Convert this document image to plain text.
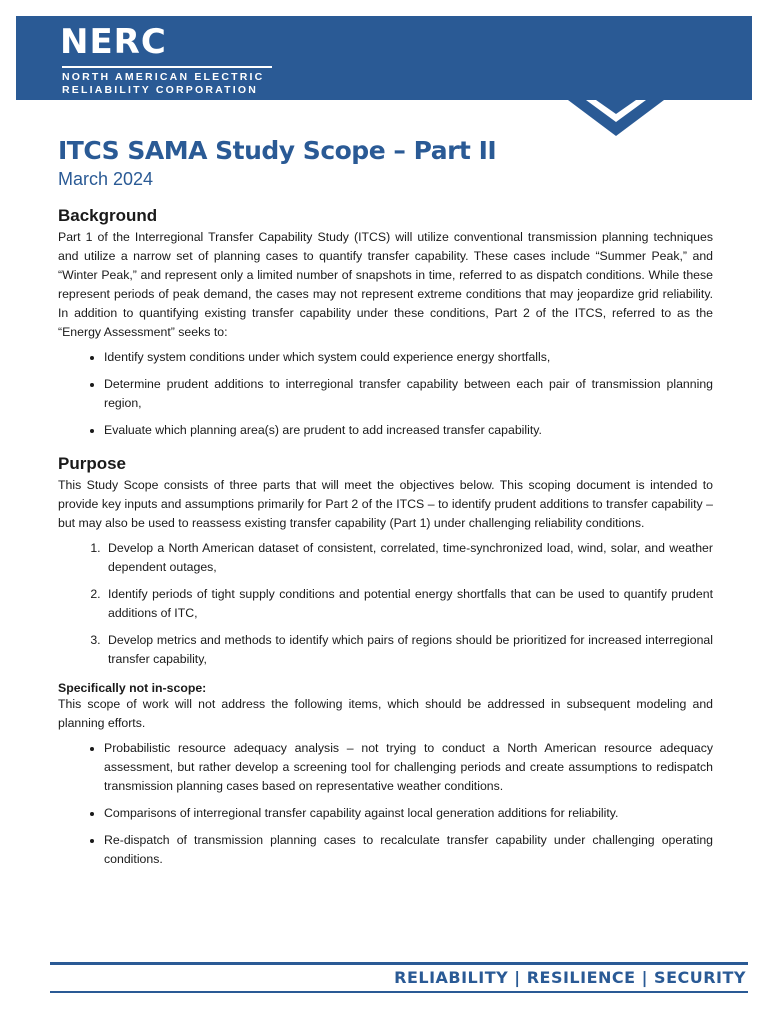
NERC
NORTH AMERICAN ELECTRIC
RELIABILITY CORPORATION
ITCS SAMA Study Scope – Part II
March 2024
Background

Part 1 of the Interregional Transfer Capability Study (ITCS) will utilize conventional transmission planning techniques and utilize a narrow set of planning cases to quantify transfer capability. These cases include “Summer Peak,” and “Winter Peak,” and represent only a limited number of snapshots in time, referred to as dispatch conditions. While these represent periods of peak demand, the cases may not represent extreme conditions that may jeopardize grid reliability. In addition to quantifying existing transfer capability under these conditions, Part 2 of the ITCS, referred to as the “Energy Assessment” seeks to:

• Identify system conditions under which system could experience energy shortfalls,
• Determine prudent additions to interregional transfer capability between each pair of transmission planning region,
• Evaluate which planning area(s) are prudent to add increased transfer capability.
Purpose

This Study Scope consists of three parts that will meet the objectives below. This scoping document is intended to provide key inputs and assumptions primarily for Part 2 of the ITCS – to identify prudent additions to transfer capability – but may also be used to reassess existing transfer capability (Part 1) under challenging reliability conditions.

1. Develop a North American dataset of consistent, correlated, time-synchronized load, wind, solar, and weather dependent outages,
2. Identify periods of tight supply conditions and potential energy shortfalls that can be used to quantify prudent additions of ITC,
3. Develop metrics and methods to identify which pairs of regions should be prioritized for increased interregional transfer capability,
Specifically not in-scope:

This scope of work will not address the following items, which should be addressed in subsequent modeling and planning efforts.

• Probabilistic resource adequacy analysis – not trying to conduct a North American resource adequacy assessment, but rather develop a screening tool for challenging periods and create assumptions to redispatch transmission planning cases based on representative weather conditions.
• Comparisons of interregional transfer capability against local generation additions for reliability.
• Re-dispatch of transmission planning cases to recalculate transfer capability under challenging operating conditions.
RELIABILITY | RESILIENCE | SECURITY
